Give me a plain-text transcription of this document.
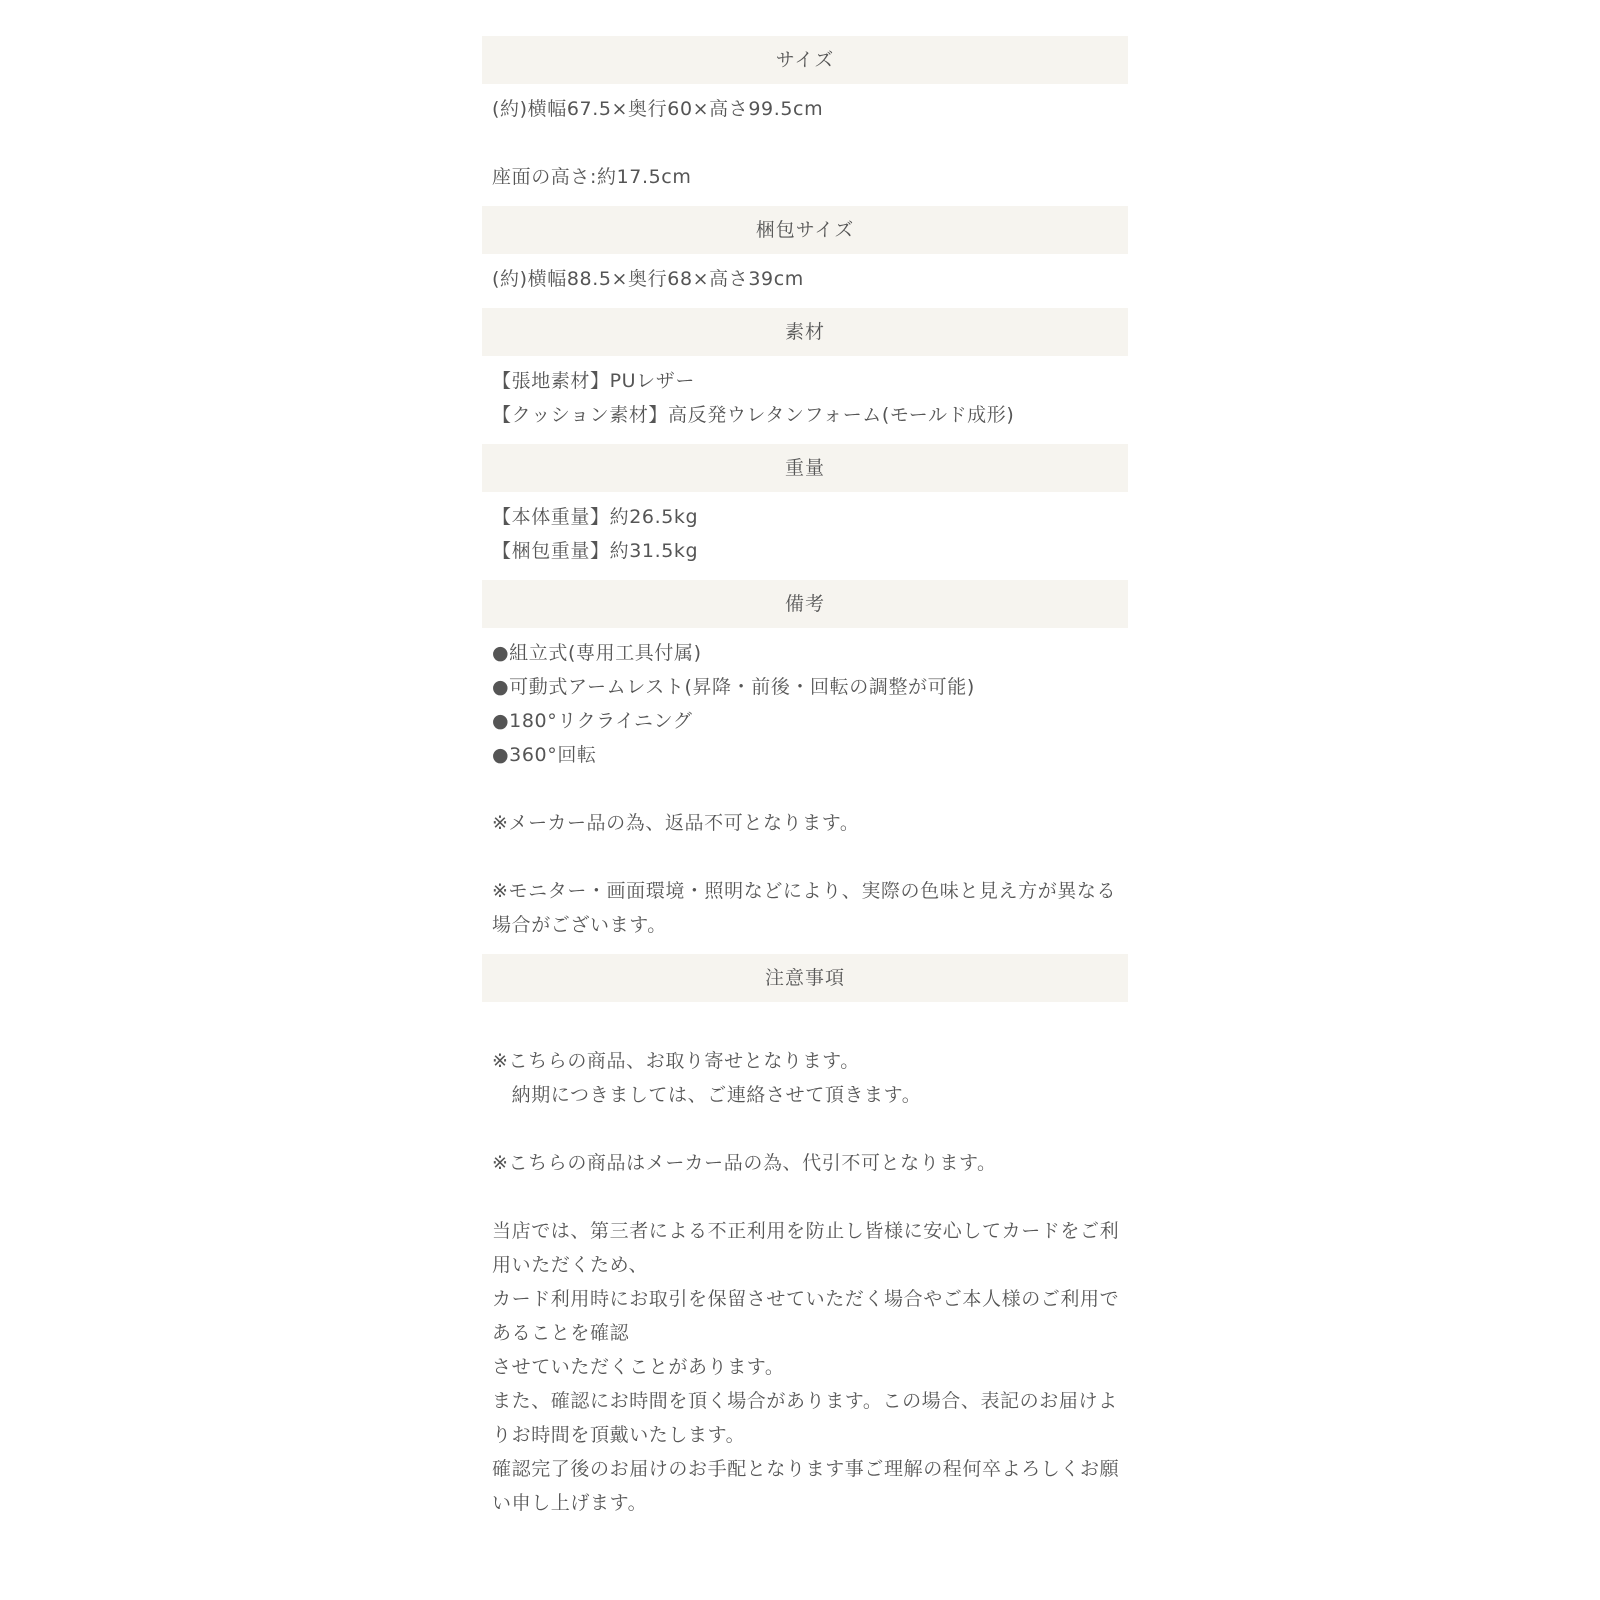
サイズ
(約)横幅67.5×奥行60×高さ99.5cm
座面の高さ:約17.5cm
梱包サイズ
(約)横幅88.5×奥行68×高さ39cm
素材
【張地素材】PUレザー
【クッション素材】高反発ウレタンフォーム(モールド成形)
重量
【本体重量】約26.5kg
【梱包重量】約31.5kg
備考
●組立式(専用工具付属)
●可動式アームレスト(昇降・前後・回転の調整が可能)
●180°リクライニング
●360°回転
※メーカー品の為、返品不可となります。
※モニター・画面環境・照明などにより、実際の色味と見え方が異なる
場合がございます。
注意事項
※こちらの商品、お取り寄せとなります。
　納期につきましては、ご連絡させて頂きます。
※こちらの商品はメーカー品の為、代引不可となります。
当店では、第三者による不正利用を防止し皆様に安心してカードをご利
用いただくため、
カード利用時にお取引を保留させていただく場合やご本人様のご利用で
あることを確認
させていただくことがあります。
また、確認にお時間を頂く場合があります。この場合、表記のお届けよ
りお時間を頂戴いたします。
確認完了後のお届けのお手配となります事ご理解の程何卒よろしくお願
い申し上げます。
